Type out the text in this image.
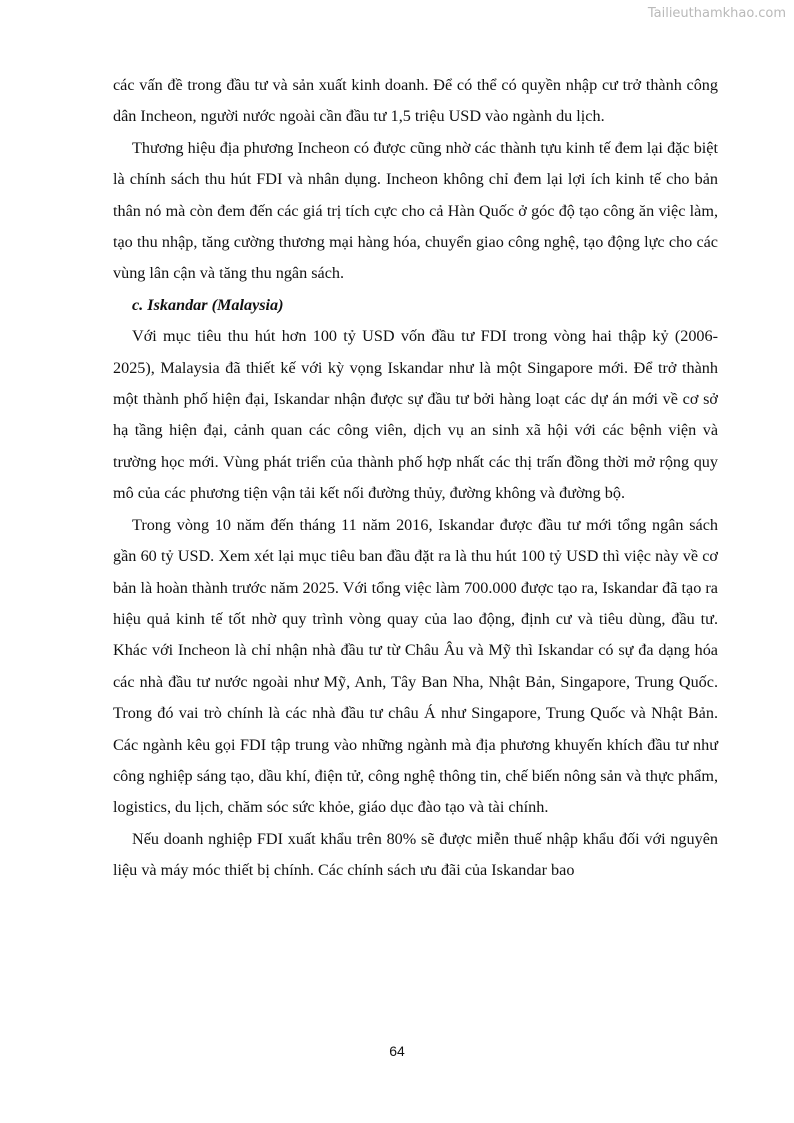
Tailieuthamkhao.com

các vấn đề trong đầu tư và sản xuất kinh doanh. Để có thể có quyền nhập cư trở thành công dân Incheon, người nước ngoài cần đầu tư 1,5 triệu USD vào ngành du lịch.

Thương hiệu địa phương Incheon có được cũng nhờ các thành tựu kinh tế đem lại đặc biệt là chính sách thu hút FDI và nhân dụng. Incheon không chỉ đem lại lợi ích kinh tế cho bản thân nó mà còn đem đến các giá trị tích cực cho cả Hàn Quốc ở góc độ tạo công ăn việc làm, tạo thu nhập, tăng cường thương mại hàng hóa, chuyển giao công nghệ, tạo động lực cho các vùng lân cận và tăng thu ngân sách.

c. Iskandar (Malaysia)

Với mục tiêu thu hút hơn 100 tỷ USD vốn đầu tư FDI trong vòng hai thập kỷ (2006-2025), Malaysia đã thiết kế với kỳ vọng Iskandar như là một Singapore mới. Để trở thành một thành phố hiện đại, Iskandar nhận được sự đầu tư bởi hàng loạt các dự án mới về cơ sở hạ tầng hiện đại, cảnh quan các công viên, dịch vụ an sinh xã hội với các bệnh viện và trường học mới. Vùng phát triển của thành phố hợp nhất các thị trấn đồng thời mở rộng quy mô của các phương tiện vận tải kết nối đường thủy, đường không và đường bộ.

Trong vòng 10 năm đến tháng 11 năm 2016, Iskandar được đầu tư mới tổng ngân sách gần 60 tỷ USD. Xem xét lại mục tiêu ban đầu đặt ra là thu hút 100 tỷ USD thì việc này về cơ bản là hoàn thành trước năm 2025. Với tổng việc làm 700.000 được tạo ra, Iskandar đã tạo ra hiệu quả kinh tế tốt nhờ quy trình vòng quay của lao động, định cư và tiêu dùng, đầu tư. Khác với Incheon là chỉ nhận nhà đầu tư từ Châu Âu và Mỹ thì Iskandar có sự đa dạng hóa các nhà đầu tư nước ngoài như Mỹ, Anh, Tây Ban Nha, Nhật Bản, Singapore, Trung Quốc. Trong đó vai trò chính là các nhà đầu tư châu Á như Singapore, Trung Quốc và Nhật Bản. Các ngành kêu gọi FDI tập trung vào những ngành mà địa phương khuyến khích đầu tư như công nghiệp sáng tạo, dầu khí, điện tử, công nghệ thông tin, chế biến nông sản và thực phẩm, logistics, du lịch, chăm sóc sức khỏe, giáo dục đào tạo và tài chính.

Nếu doanh nghiệp FDI xuất khẩu trên 80% sẽ được miễn thuế nhập khẩu đối với nguyên liệu và máy móc thiết bị chính. Các chính sách ưu đãi của Iskandar bao

64
